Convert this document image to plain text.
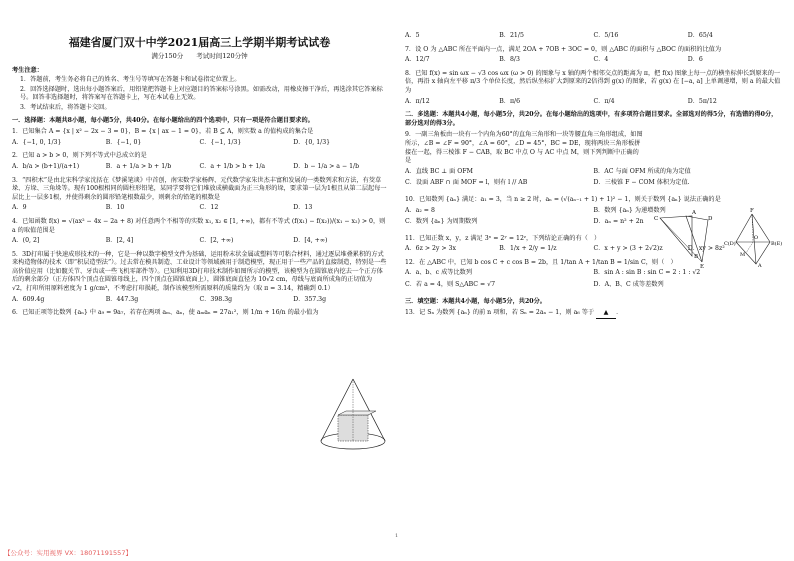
福建省厦门双十中学2021届高三上学期半期考试试卷
满分150分　　考试时间120分钟

考生注意：

1．答题前，考生务必将自己的姓名、考生号等填写在答题卡和试卷指定位置上。

2．回答选择题时，选出每小题答案后，用铅笔把答题卡上对应题目的答案标号涂黑。如需改动，用橡皮擦干净后，再选涂其它答案标号。回答非选择题时，将答案写在答题卡上，写在本试卷上无效。

3．考试结束后，将答题卡交回。

一．选择题：本题共8小题，每小题5分，共40分。在每小题给出的四个选项中，只有一项是符合题目要求的。

1．已知集合 A = {x | x² − 2x − 3 = 0}，B = {x | ax − 1 = 0}，若 B ⊆ A，则实数 a 的值构成的集合是

A．{−1, 0, 1/3}	B．{−1, 0}	C．{−1, 1/3}	D．{0, 1/3}

2．已知 a > b > 0，则下列不等式中总成立的是

A．b/a > (b+1)/(a+1)	B．a + 1/a > b + 1/b	C．a + 1/b > b + 1/a	D．b − 1/a > a − 1/b

3．“四积术”是由北宋科学家沈括在《梦溪笔谈》中首创，南宋数学家杨辉、元代数学家朱世杰丰富和发展的一类数列求和方法，有茭草垛、方垛、三角垛等。现有100根相同的圆柱形铅笔，某同学要将它们堆放成横截面为正三角形的垛，要求第一层为1根且从第二层起每一层比上一层多1根，并使得剩余的圆形铅笔根数最少，则剩余的铅笔的根数是

A．9	B．10	C．12	D．13

4．已知函数 f(x) = √(ax² − 4x − 2a + 8) 对任意两个不相等的实数 x₁, x₂ ∈ [1, +∞)，都有不等式 (f(x₁) − f(x₂))/(x₁ − x₂) > 0，则 a 的取值范围是

A．(0, 2]	B．[2, 4]	C．[2, +∞)	D．[4, +∞)

5．3D打印属于快速成形技术的一种，它是一种以数字模型文件为基础，运用粉末状金属或塑料等可粘合材料，通过逐层堆叠累积的方式来构造物体的技术（即“积层造型法”）。过去常在模具制造、工业设计等领域被用于制造模型，现正用于一些产品的直接制造，特别是一些高价值应用（比如髋关节、牙齿或一些飞机零部件等）。已知利用3D打印技术制作如图所示的模型，该模型为在圆锥底内挖去一个正方体后的剩余部分（正方体四个顶点在圆锥母线上，四个顶点在圆锥底面上），圆锥底面直径为 10√2 cm，母线与底面所成角的正切值为 √2，打印所用原料密度为 1 g/cm³，不考虑打印损耗，制作该模型所需原料的质量约为（取 π = 3.14，精确到 0.1）

A．609.4g	B．447.3g	C．398.3g	D．357.3g

6．已知正项等比数列 {aₙ} 中 a₉ = 9a₇，若存在两项 aₘ、aₙ，使 aₘaₙ = 27a₁²，则 1/m + 16/n 的最小值为

A．5	B．21/5	C．5/16	D．65/4

7．设 O 为 △ABC 所在平面内一点，满足 2OA + 7OB + 3OC = 0，则 △ABC 的面积与 △BOC 的面积的比值为

A．12/7	B．8/3	C．4	D．6

8．已知 f(x) = sin ωx − √3 cos ωx (ω > 0) 的图象与 x 轴的两个相邻交点的距离为 π，把 f(x) 图象上每一点的横坐标伸长到原来的一倍，再沿 x 轴向左平移 π/3 个单位长度，然后纵坐标扩大到原来的2倍得到 g(x) 的图象，若 g(x) 在 [−a, a] 上单调递增，则 a 的最大值为

A．π/12	B．π/6	C．π/4	D．5π/12

二．多选题：本题共4小题，每小题5分，共20分。在每小题给出的选项中，有多项符合题目要求。全部选对的得5分，有选错的得0分，部分选对的得3分。

9．一副三角板由一块有一个内角为60°的直角三角形和一块等腰直角三角形组成，如图所示，∠B = ∠F = 90°，∠A = 60°，∠D = 45°，BC = DE，现将两块三角形板拼接在一起，得三棱锥 F − CAB，取 BC 中点 O 与 AC 中点 M，则下列判断中正确的是

A．直线 BC ⊥ 面 OFM	B．AC 与面 OFM 所成的角为定值
C．设面 ABF ∩ 面 MOF = l，则有 l // AB	D．三棱锥 F − COM 体积为定值.

10．已知数列 {aₙ} 满足：a₁ = 3，当 n ≥ 2 时，aₙ = (√(aₙ₋₁ + 1) + 1)² − 1，则关于数列 {aₙ} 说法正确的是

A．a₂ = 8	B．数列 {aₙ} 为递增数列
C．数列 {aₙ} 为周期数列	D．aₙ = n² + 2n

11．已知正数 x，y，z 满足 3ˣ = 2ʸ = 12ᶻ，下列结论正确的有（　）

A．6z > 2y > 3x	B．1/x + 2/y = 1/z	C．x + y > (3 + 2√2)z	D．xy > 8z²

12．在 △ABC 中，已知 b cos C + c cos B = 2b，且 1/tan A + 1/tan B = 1/sin C，则（　）

A．a、b、c 成等比数列	B．sin A : sin B : sin C = 2 : 1 : √2
C．若 a = 4，则 S△ABC = √7	D．A、B、C 成等差数列

三．填空题：本题共4小题，每小题5分，共20分。

13．记 Sₙ 为数列 {aₙ} 的前 n 项和，若 Sₙ = 2aₙ − 1，则 a₆ 等于 ▲ ．

C
A
B
D
E
F
C(D)
O
M
B(E)
A
1
【公众号：实用视界 VX：18071191557】
